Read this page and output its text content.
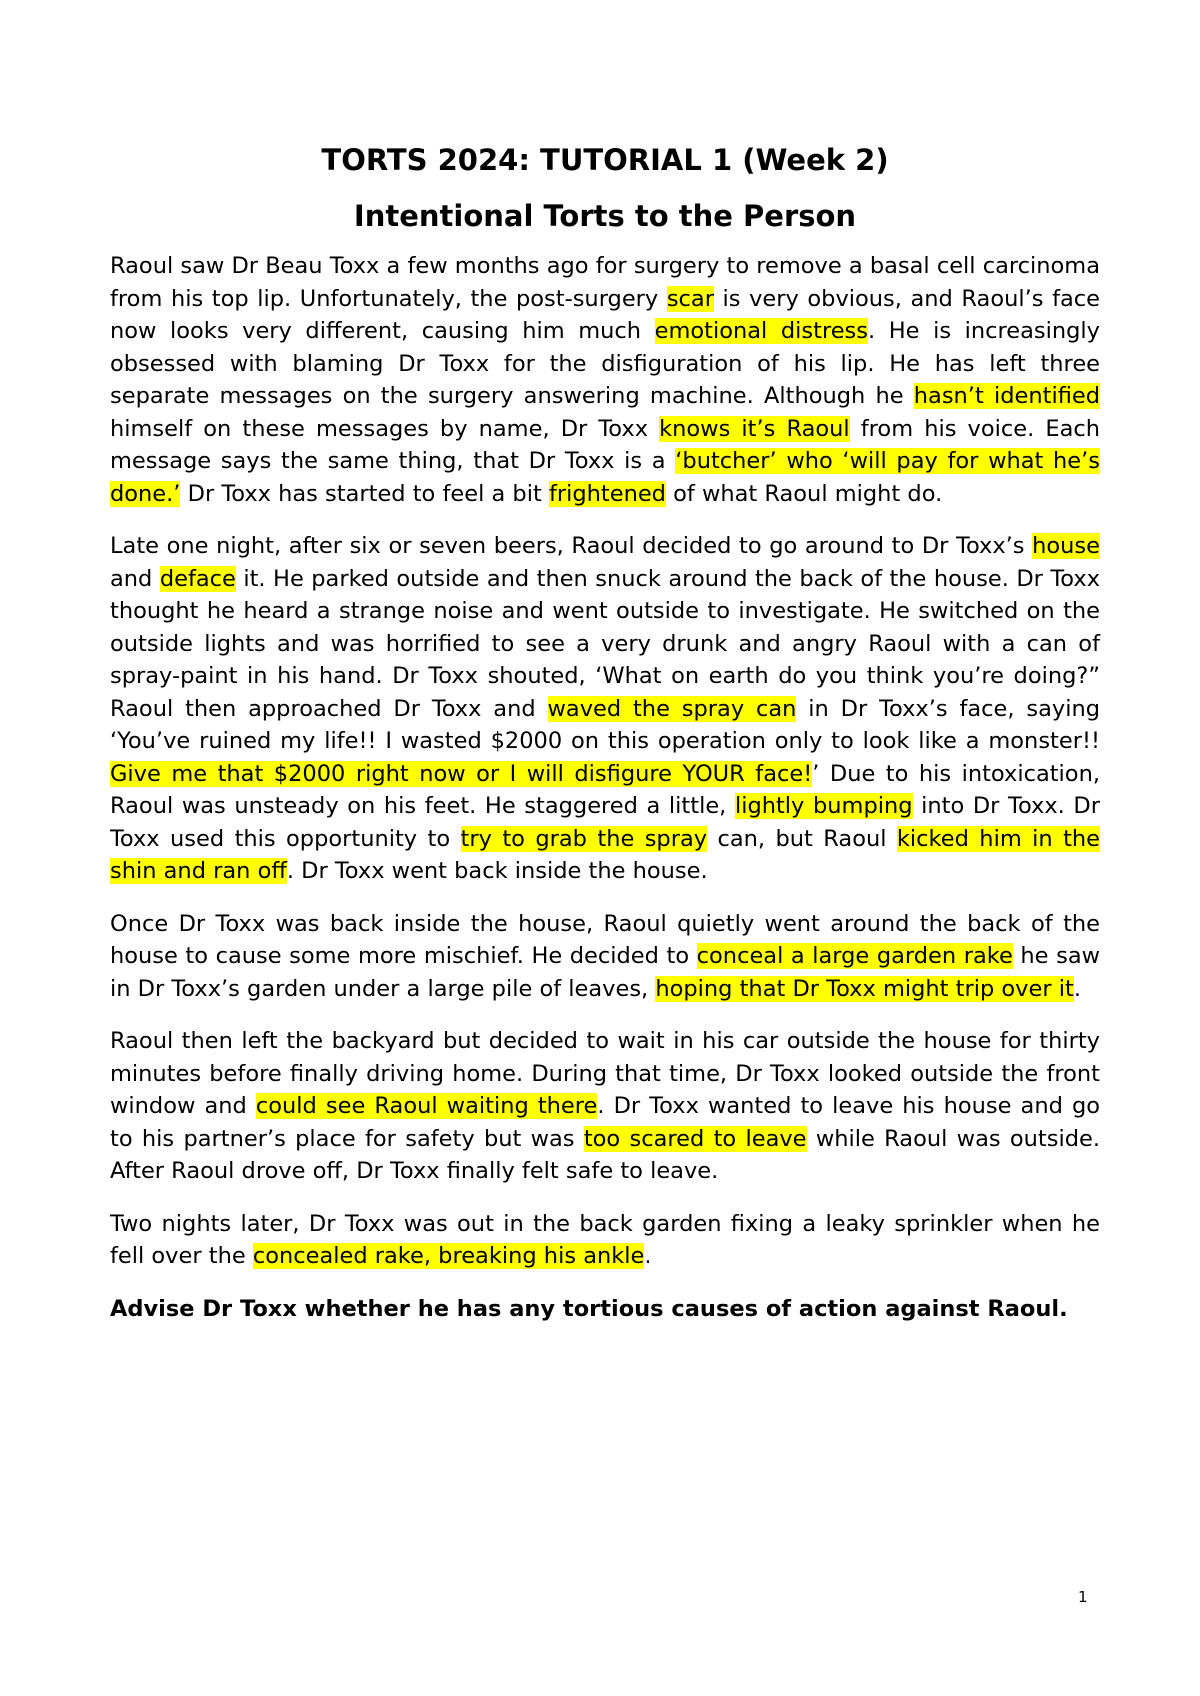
TORTS 2024: TUTORIAL 1 (Week 2)
Intentional Torts to the Person

Raoul saw Dr Beau Toxx a few months ago for surgery to remove a basal cell carcinoma from his top lip. Unfortunately, the post-surgery scar is very obvious, and Raoul’s face now looks very different, causing him much emotional distress. He is increasingly obsessed with blaming Dr Toxx for the disfiguration of his lip. He has left three separate messages on the surgery answering machine. Although he hasn’t identified himself on these messages by name, Dr Toxx knows it’s Raoul from his voice. Each message says the same thing, that Dr Toxx is a ‘butcher’ who ‘will pay for what he’s done.’ Dr Toxx has started to feel a bit frightened of what Raoul might do.

Late one night, after six or seven beers, Raoul decided to go around to Dr Toxx’s house and deface it. He parked outside and then snuck around the back of the house. Dr Toxx thought he heard a strange noise and went outside to investigate. He switched on the outside lights and was horrified to see a very drunk and angry Raoul with a can of spray-paint in his hand. Dr Toxx shouted, ‘What on earth do you think you’re doing?” Raoul then approached Dr Toxx and waved the spray can in Dr Toxx’s face, saying ‘You’ve ruined my life!! I wasted $2000 on this operation only to look like a monster!! Give me that $2000 right now or I will disfigure YOUR face!’ Due to his intoxication, Raoul was unsteady on his feet. He staggered a little, lightly bumping into Dr Toxx. Dr Toxx used this opportunity to try to grab the spray can, but Raoul kicked him in the shin and ran off. Dr Toxx went back inside the house.

Once Dr Toxx was back inside the house, Raoul quietly went around the back of the house to cause some more mischief. He decided to conceal a large garden rake he saw in Dr Toxx’s garden under a large pile of leaves, hoping that Dr Toxx might trip over it.

Raoul then left the backyard but decided to wait in his car outside the house for thirty minutes before finally driving home. During that time, Dr Toxx looked outside the front window and could see Raoul waiting there. Dr Toxx wanted to leave his house and go to his partner’s place for safety but was too scared to leave while Raoul was outside. After Raoul drove off, Dr Toxx finally felt safe to leave.

Two nights later, Dr Toxx was out in the back garden fixing a leaky sprinkler when he fell over the concealed rake, breaking his ankle.

Advise Dr Toxx whether he has any tortious causes of action against Raoul.
1
